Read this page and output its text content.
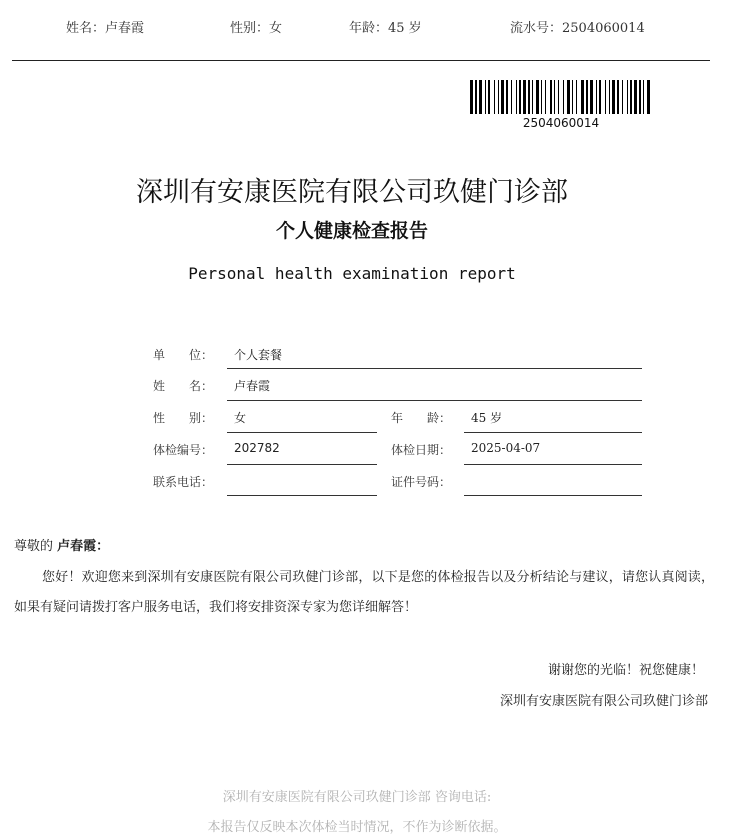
姓名：卢春霞	性别：女	年龄：45 岁	流水号：2504060014
2504060014
深圳有安康医院有限公司玖健门诊部
个人健康检查报告
Personal health examination report
单　　位： 个人套餐
姓　　名： 卢春霞
性　　别： 女	年　　龄： 45 岁
体检编号： 202782	体检日期： 2025-04-07
联系电话：	证件号码：
尊敬的 卢春霞：
您好！欢迎您来到深圳有安康医院有限公司玖健门诊部，以下是您的体检报告以及分析结论与建议，请您认真阅读，如果有疑问请拨打客户服务电话，我们将安排资深专家为您详细解答！
谢谢您的光临！祝您健康！
深圳有安康医院有限公司玖健门诊部
深圳有安康医院有限公司玖健门诊部 咨询电话:
本报告仅反映本次体检当时情况，不作为诊断依据。
